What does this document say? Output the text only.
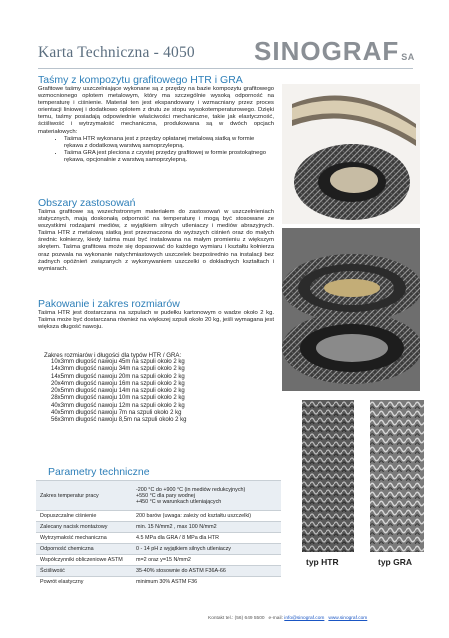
Karta Techniczna - 4050 SINOGRAF SA
Taśmy z kompozytu grafitowego HTR i GRA

Grafitowe taśmy uszczelniające wykonane są z przędzy na bazie kompozytu grafitowego wzmocnionego oplotem metalowym, który ma szczególnie wysoką odporność na temperaturę i ciśnienie. Materiał ten jest ekspandowany i wzmacniany przez proces orientacji liniowej i dodatkowo oplotem z drutu ze stopu wysokotemperaturowego. Dzięki temu, taśmy posiadają odpowiednie właściwości mechaniczne, takie jak elastyczność, ściśliwość i wytrzymałość mechaniczna, produkowana są w dwóch opcjach materiałowych:

• Taśma HTR wykonana jest z przędzy opłatanej metalową siatką w formie rękawa z dodatkową warstwą samoprzylepną.
• Taśma GRA jest pleciona z czystej przędzy grafitowej w formie prostokątnego rękawa, opcjonalnie z warstwą samoprzylepną.
Obszary zastosowań

Taśma grafitowe są wszechstronnym materiałem do zastosowań w uszczelnieniach statycznych, mają doskonałą odporność na temperaturę i mogą być stosowane ze wszystkimi rodzajami mediów, z wyjątkiem silnych utleniaczy i mediów abrazyjnych. Taśma HTR z metalową siatką jest przeznaczona do wyższych ciśnień oraz do małych średnic kołnierzy, kiedy taśma musi być instalowana na małym promieniu z większym skrętem. Taśma grafitowa może się dopasować do każdego wymiaru i kształtu kołnierza oraz pozwala na wykonanie natychmiastowych uszczelek bezpośrednio na instalacji bez żadnych opóźnień związanych z wykonywaniem uszczelki o dokładnych kształtach i wymiarach.

Pakowanie i zakres rozmiarów

Taśma HTR jest dostarczana na szpulach w pudełku kartonowym o wadze około 2 kg. Taśma może być dostarczana również na większej szpuli około 20 kg, jeśli wymagana jest większa długość nawoju.

Zakres rozmiarów i długości dla typów HTR / GRA:
10x3mm długość nawoju 45m na szpuli około 2 kg
14x3mm długość nawoju 34m na szpuli około 2 kg
14x5mm długość nawoju 20m na szpuli około 2 kg
20x4mm długość nawoju 16m na szpuli około 2 kg
20x5mm długość nawoju 14m na szpuli około 2 kg
28x5mm długość nawoju 10m na szpuli około 2 kg
40x3mm długość nawoju 12m na szpuli około 2 kg
40x5mm długość nawoju 7m na szpuli około 2 kg
56x3mm długość nawoju 8,5m na szpuli około 2 kg
Parametry techniczne
Zakres temperatur pracy	-200 °C do +900 °C (in mediów redukcyjnych)
+550 °C dla pary wodnej
+450 °C w warunkach utleniających
Dopuszczalne ciśnienie	200 barów (uwaga: zależy od kształtu uszczelki)
Zalecany nacisk montażowy	min. 15 N/mm2 , max 100 N/mm2
Wytrzymałość mechaniczna	4.5 MPa dla GRA / 8 MPa dla HTR
Odporność chemiczna	0 - 14 pH z wyjątkiem silnych utleniaczy
Współczynniki obliczeniowe ASTM	m=2 oraz y=15 N/mm2
Ściśliwość	35-40% stosownie do ASTM F36A-66
Powrót elastyczny	minimum 30% ASTM F36
typ HTR	typ GRA
Kontakt tel.: (56) 649 5500 e-mail: info@sinograf.com www.sinograf.com
